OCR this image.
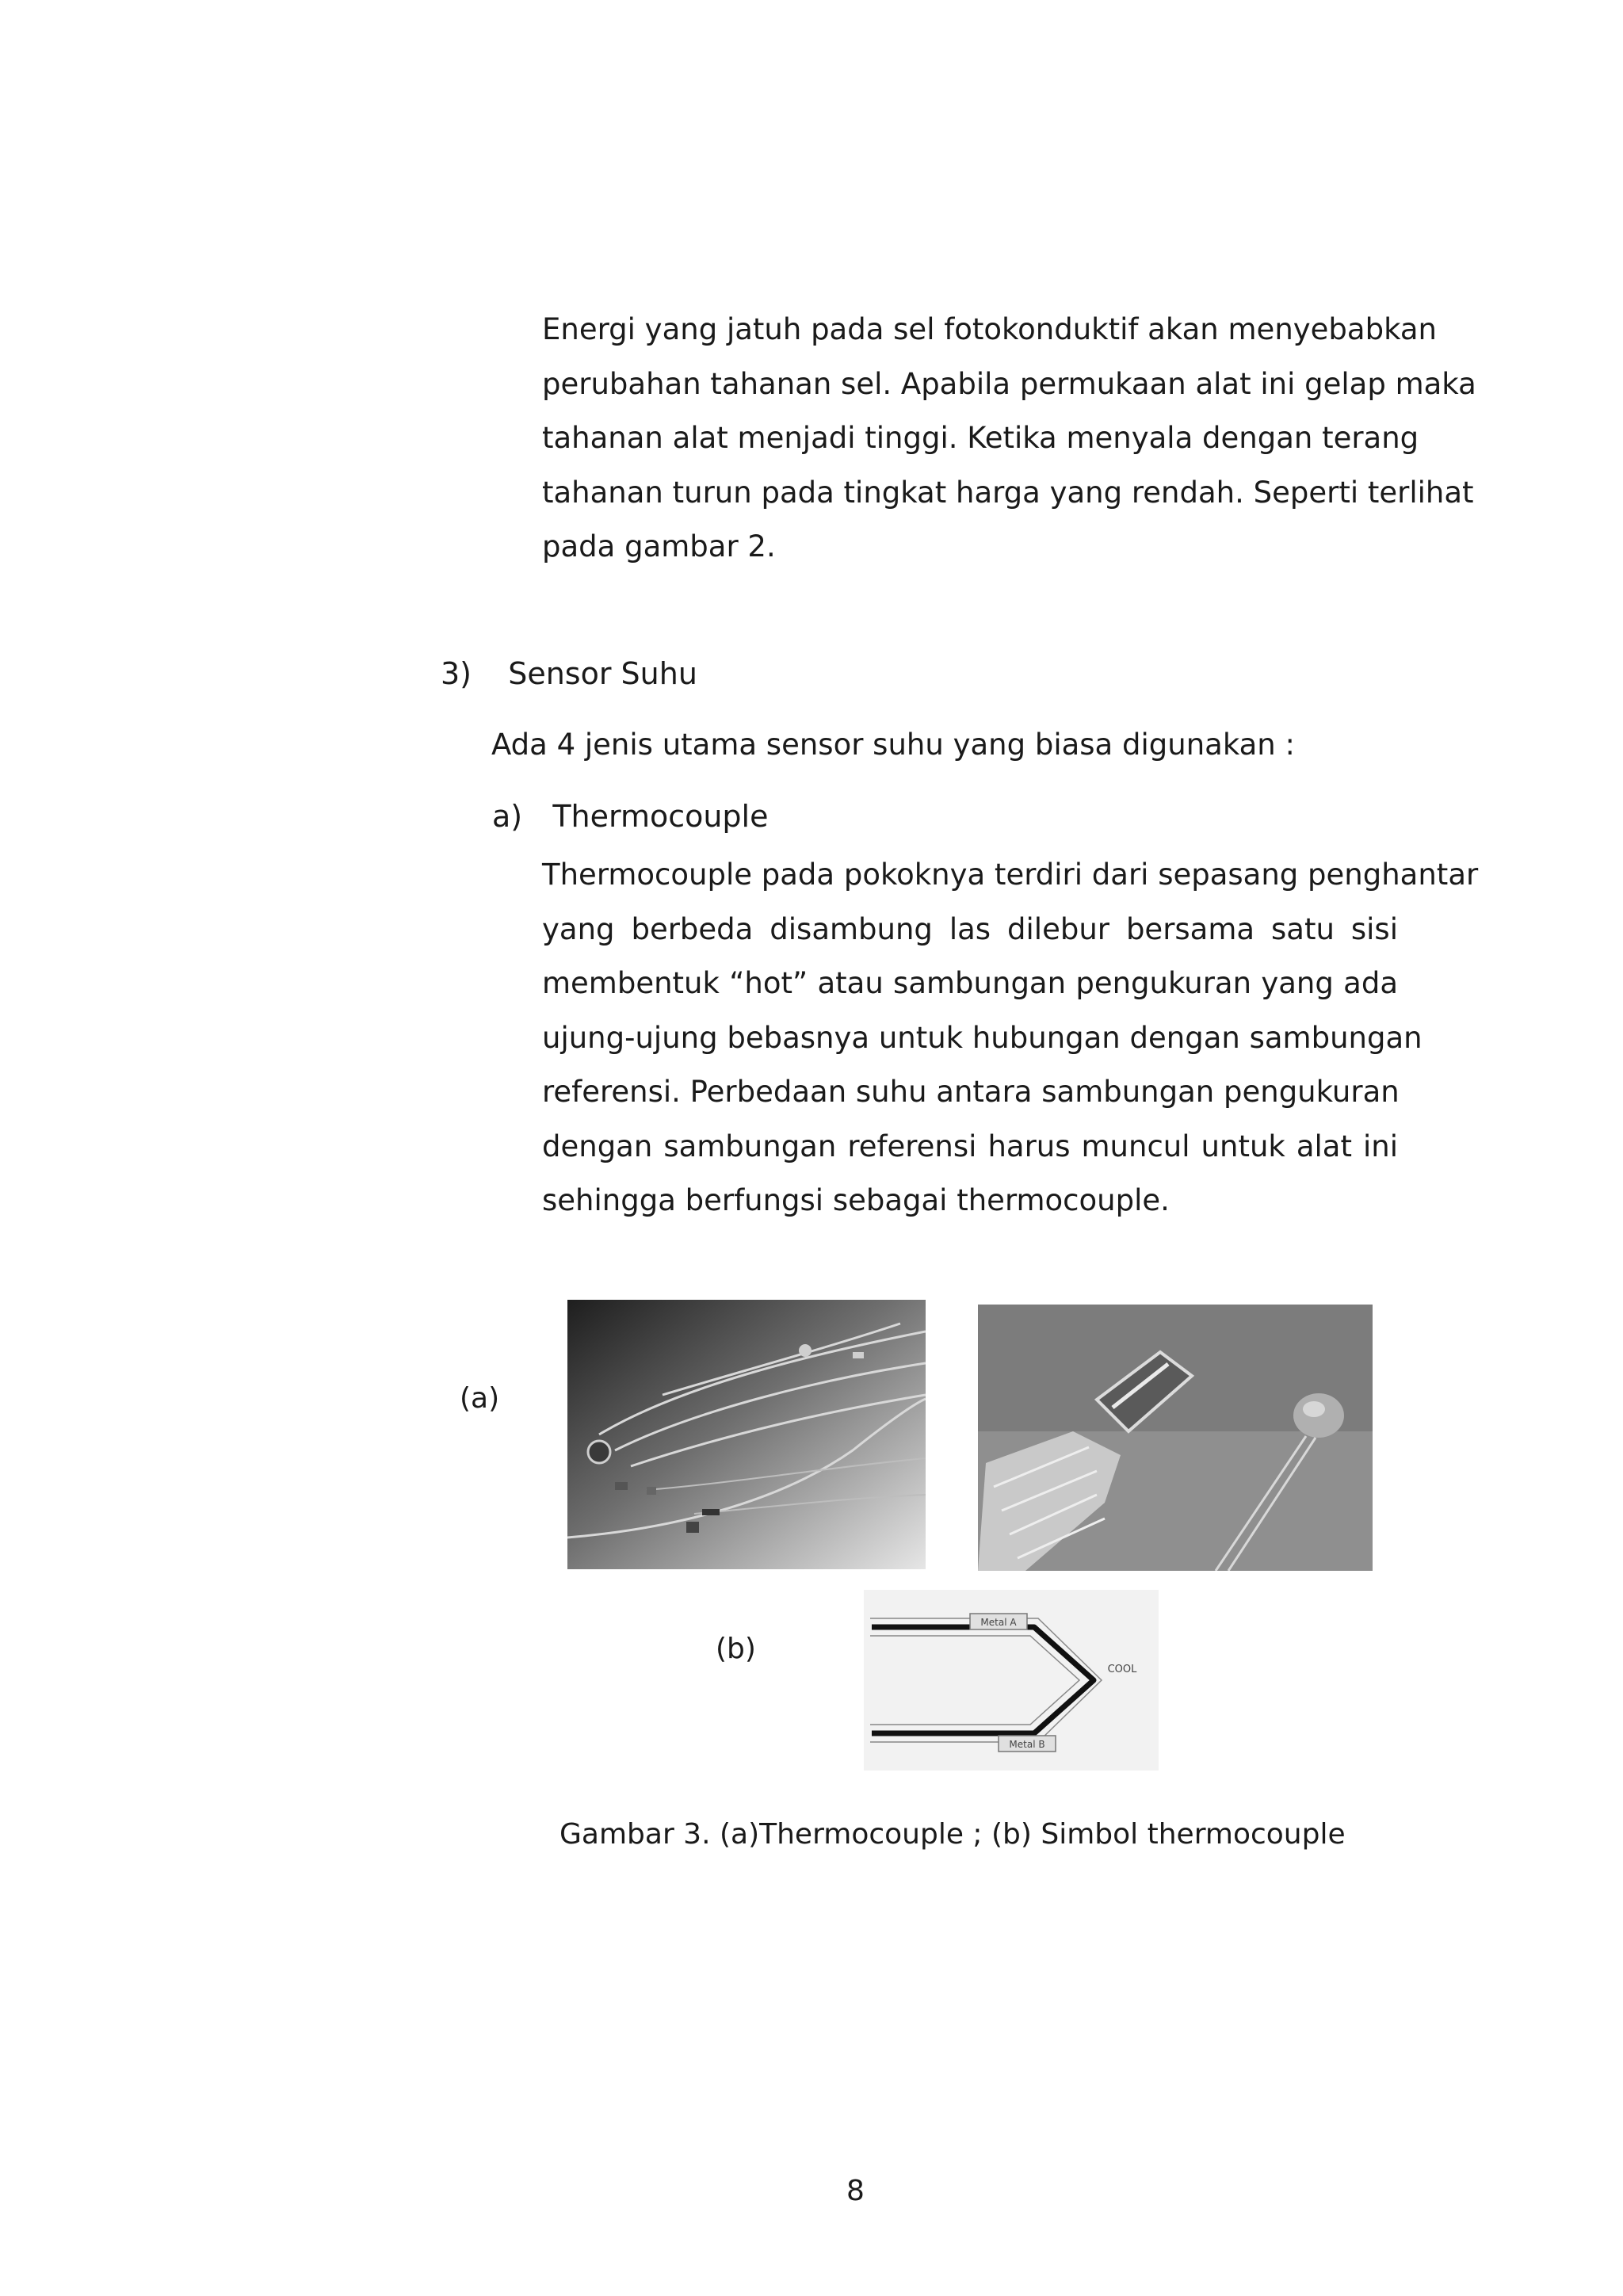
Energi yang jatuh pada sel fotokonduktif akan menyebabkan
perubahan tahanan sel. Apabila permukaan alat ini gelap maka
tahanan alat menjadi tinggi. Ketika menyala dengan terang
tahanan turun pada tingkat harga yang rendah. Seperti terlihat
pada gambar 2.
3) Sensor Suhu
Ada 4 jenis utama sensor suhu yang biasa digunakan :
a) Thermocouple
Thermocouple pada pokoknya terdiri dari sepasang penghantar
yang berbeda disambung las dilebur bersama satu sisi
membentuk “hot” atau sambungan pengukuran yang ada
ujung-ujung bebasnya untuk hubungan dengan sambungan
referensi. Perbedaan suhu antara sambungan pengukuran
dengan sambungan referensi harus muncul untuk alat ini
sehingga berfungsi sebagai thermocouple.
(a)
(b)
Metal A
Metal B
COOL
Gambar 3. (a)Thermocouple ; (b) Simbol thermocouple
8
